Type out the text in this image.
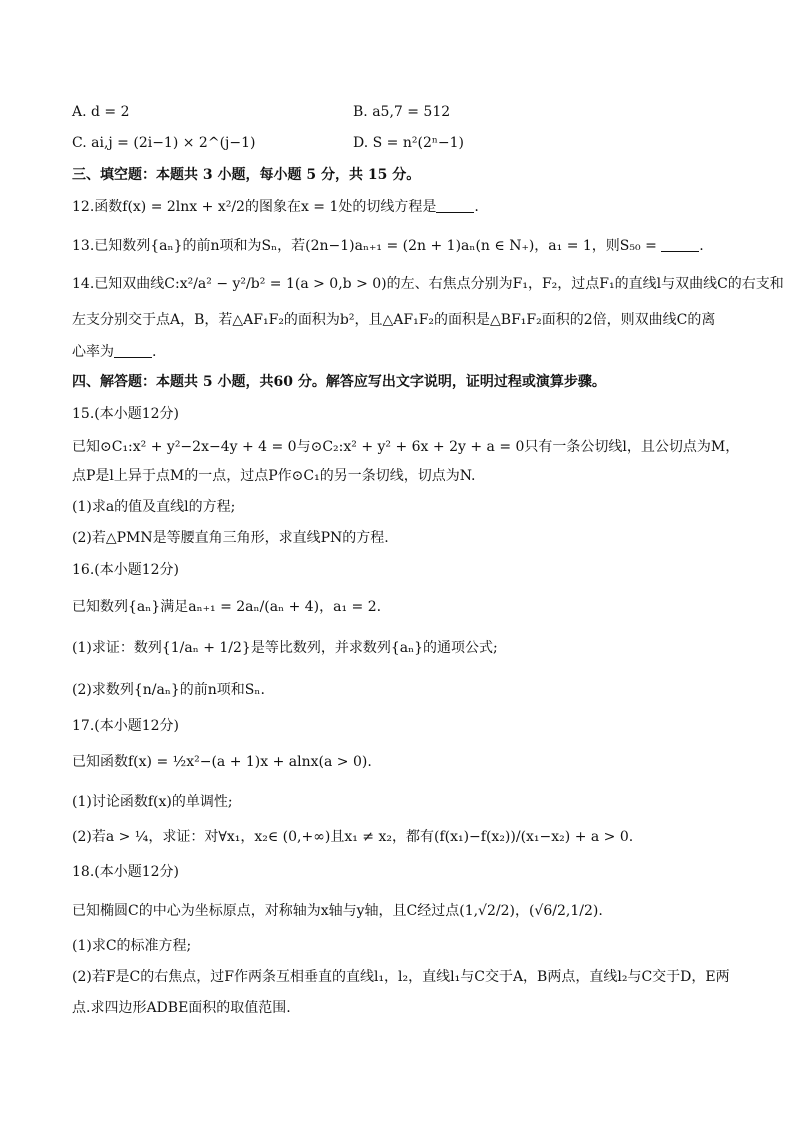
A. d = 2	B. a5,7 = 512
C. ai,j = (2i−1) × 2^(j−1)	D. S = n²(2ⁿ−1)
三、填空题：本题共 3 小题，每小题 5 分，共 15 分。
12.函数f(x) = 2lnx + x²/2的图象在x = 1处的切线方程是	.
13.已知数列{aₙ}的前n项和为Sₙ，若(2n−1)aₙ₊₁ = (2n + 1)aₙ(n ∈ N₊)，a₁ = 1，则S₅₀ =	.
14.已知双曲线C:x²/a² − y²/b² = 1(a > 0,b > 0)的左、右焦点分别为F₁，F₂，过点F₁的直线l与双曲线C的右支和
左支分别交于点A，B，若△AF₁F₂的面积为b²，且△AF₁F₂的面积是△BF₁F₂面积的2倍，则双曲线C的离
心率为	.
四、解答题：本题共 5 小题，共60 分。解答应写出文字说明，证明过程或演算步骤。
15.(本小题12分)
已知⊙C₁:x² + y²−2x−4y + 4 = 0与⊙C₂:x² + y² + 6x + 2y + a = 0只有一条公切线l，且公切点为M，
点P是l上异于点M的一点，过点P作⊙C₁的另一条切线，切点为N.
(1)求a的值及直线l的方程;
(2)若△PMN是等腰直角三角形，求直线PN的方程.
16.(本小题12分)
已知数列{aₙ}满足aₙ₊₁ = 2aₙ/(aₙ + 4)，a₁ = 2.
(1)求证：数列{1/aₙ + 1/2}是等比数列，并求数列{aₙ}的通项公式;
(2)求数列{n/aₙ}的前n项和Sₙ.
17.(本小题12分)
已知函数f(x) = ½x²−(a + 1)x + alnx(a > 0).
(1)讨论函数f(x)的单调性;
(2)若a > ¼，求证：对∀x₁，x₂∈ (0,+∞)且x₁ ≠ x₂，都有(f(x₁)−f(x₂))/(x₁−x₂) + a > 0.
18.(本小题12分)
已知椭圆C的中心为坐标原点，对称轴为x轴与y轴，且C经过点(1,√2/2)，(√6/2,1/2).
(1)求C的标准方程;
(2)若F是C的右焦点，过F作两条互相垂直的直线l₁，l₂，直线l₁与C交于A，B两点，直线l₂与C交于D，E两
点.求四边形ADBE面积的取值范围.
